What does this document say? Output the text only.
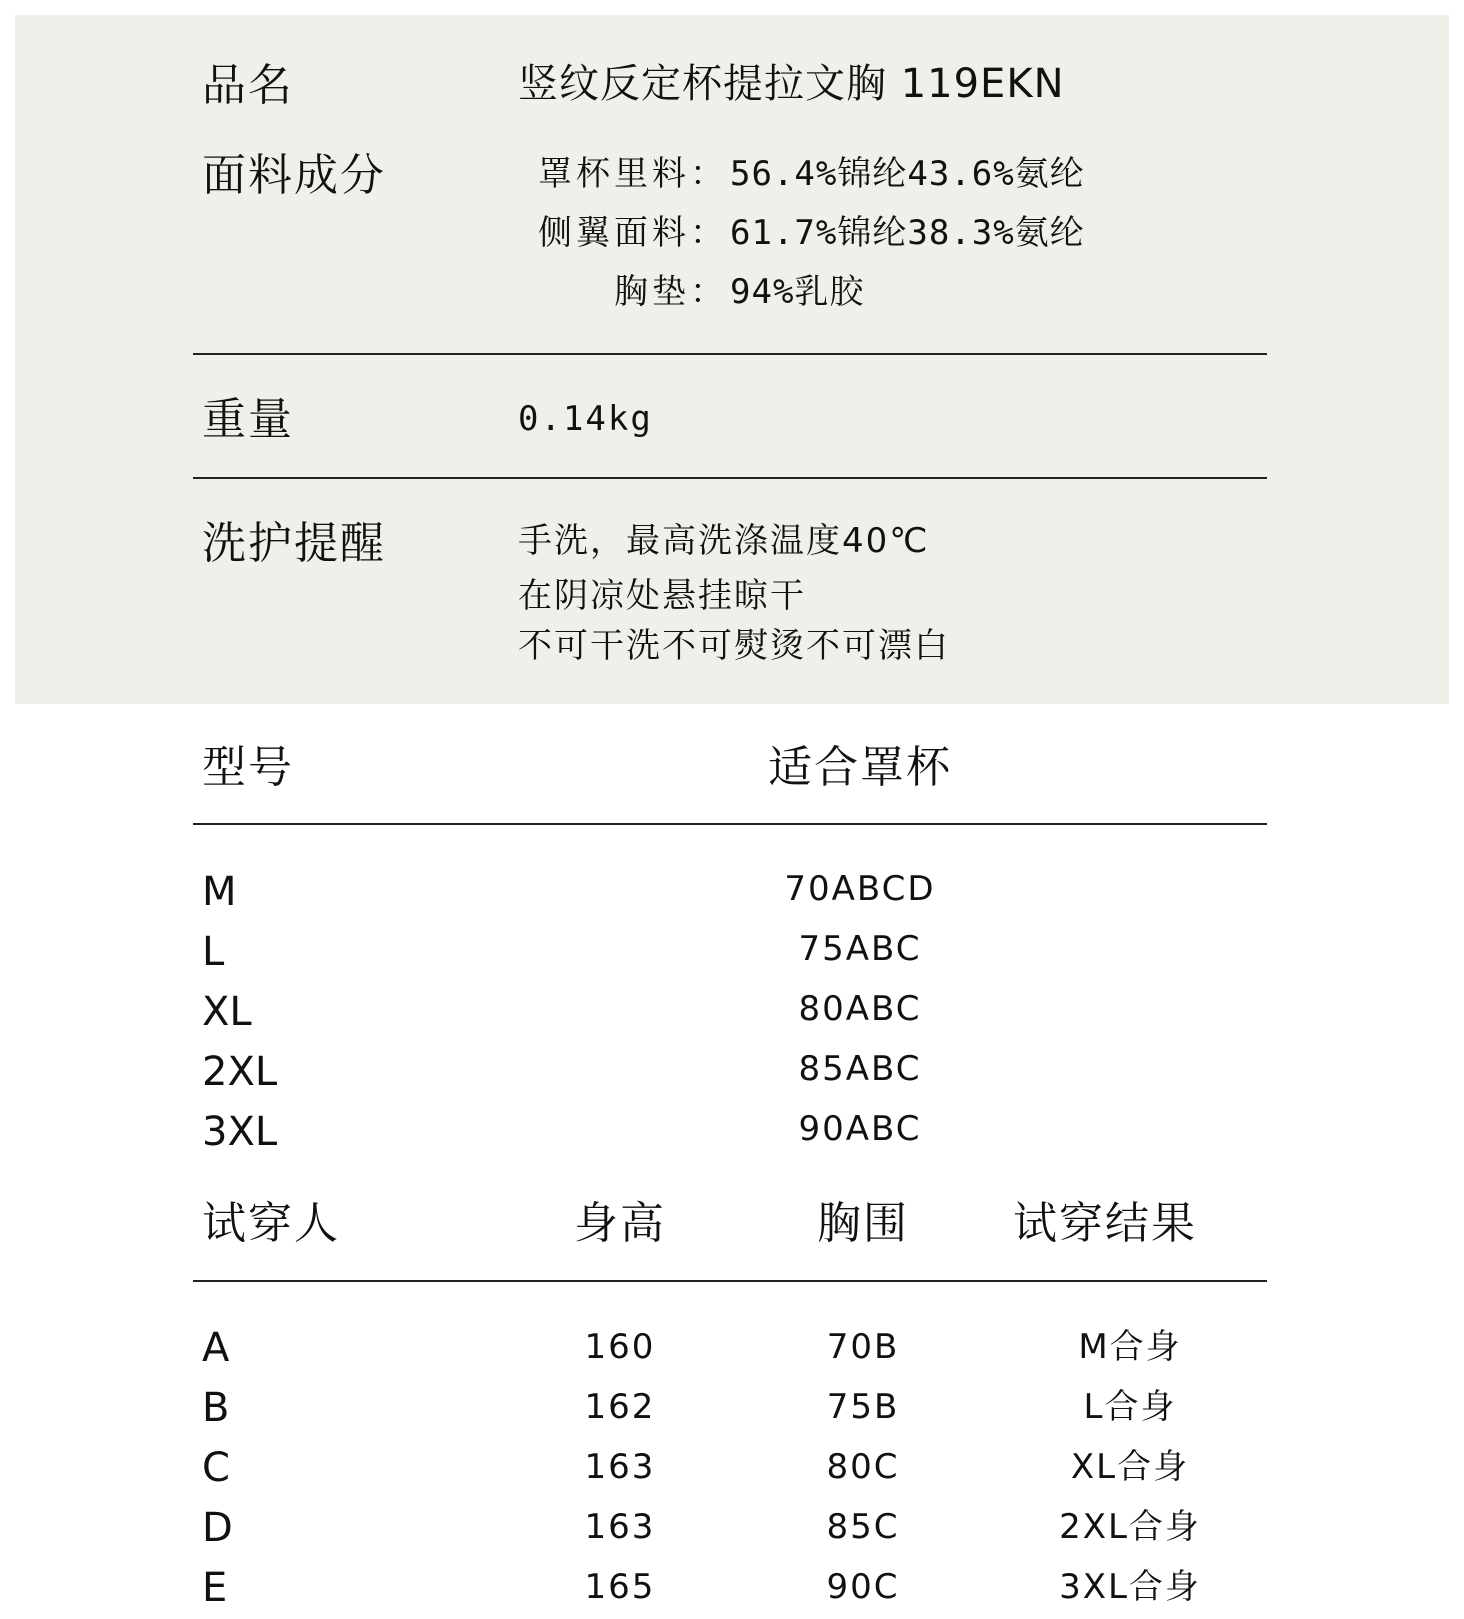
品名	竖纹反定杯提拉文胸 119EKN
面料成分	罩杯里料： 56.4%锦纶43.6%氨纶
侧翼面料： 61.7%锦纶38.3%氨纶
胸垫： 94%乳胶
重量	0.14kg
洗护提醒	手洗，最高洗涤温度40℃
在阴凉处悬挂晾干
不可干洗不可熨烫不可漂白
型号	适合罩杯
M	70ABCD
L	75ABC
XL	80ABC
2XL	85ABC
3XL	90ABC
试穿人	身高	胸围	试穿结果
A	160	70B	M合身
B	162	75B	L合身
C	163	80C	XL合身
D	163	85C	2XL合身
E	165	90C	3XL合身
